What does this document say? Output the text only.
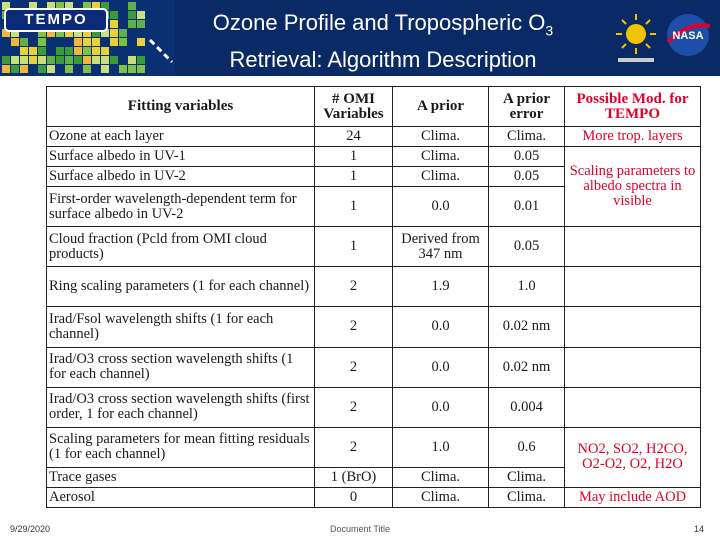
TEMPO	Ozone Profile and Tropospheric $O_3$
Retrieval: Algorithm Description
NASA
Fitting variables	# OMI Variables	A prior	A prior error	Possible Mod. for TEMPO
Ozone at each layer	24	Clima.	Clima.	More trop. layers
Surface albedo in UV-1	1	Clima.	0.05	Scaling parameters to albedo spectra in visible
Surface albedo in UV-2	1	Clima.	0.05	
First-order wavelength-dependent term for surface albedo in UV-2	1	0.0	0.01	
Cloud fraction (Pcld from OMI cloud products)	1	Derived from 347 nm	0.05	
Ring scaling parameters (1 for each channel)	2	1.9	1.0	
Irad/Fsol wavelength shifts (1 for each channel)	2	0.0	0.02 nm	
Irad/O3 cross section wavelength shifts (1 for each channel)	2	0.0	0.02 nm	
Irad/O3 cross section wavelength shifts (first order, 1 for each channel)	2	0.0	0.004	
Scaling parameters for mean fitting residuals (1 for each channel)	2	1.0	0.6	NO2, SO2, H2CO, O2-O2, O2, H2O
Trace gases	1 (BrO)	Clima.	Clima.	
Aerosol	0	Clima.	Clima.	May include AOD
9/29/2020	Document Title	14
